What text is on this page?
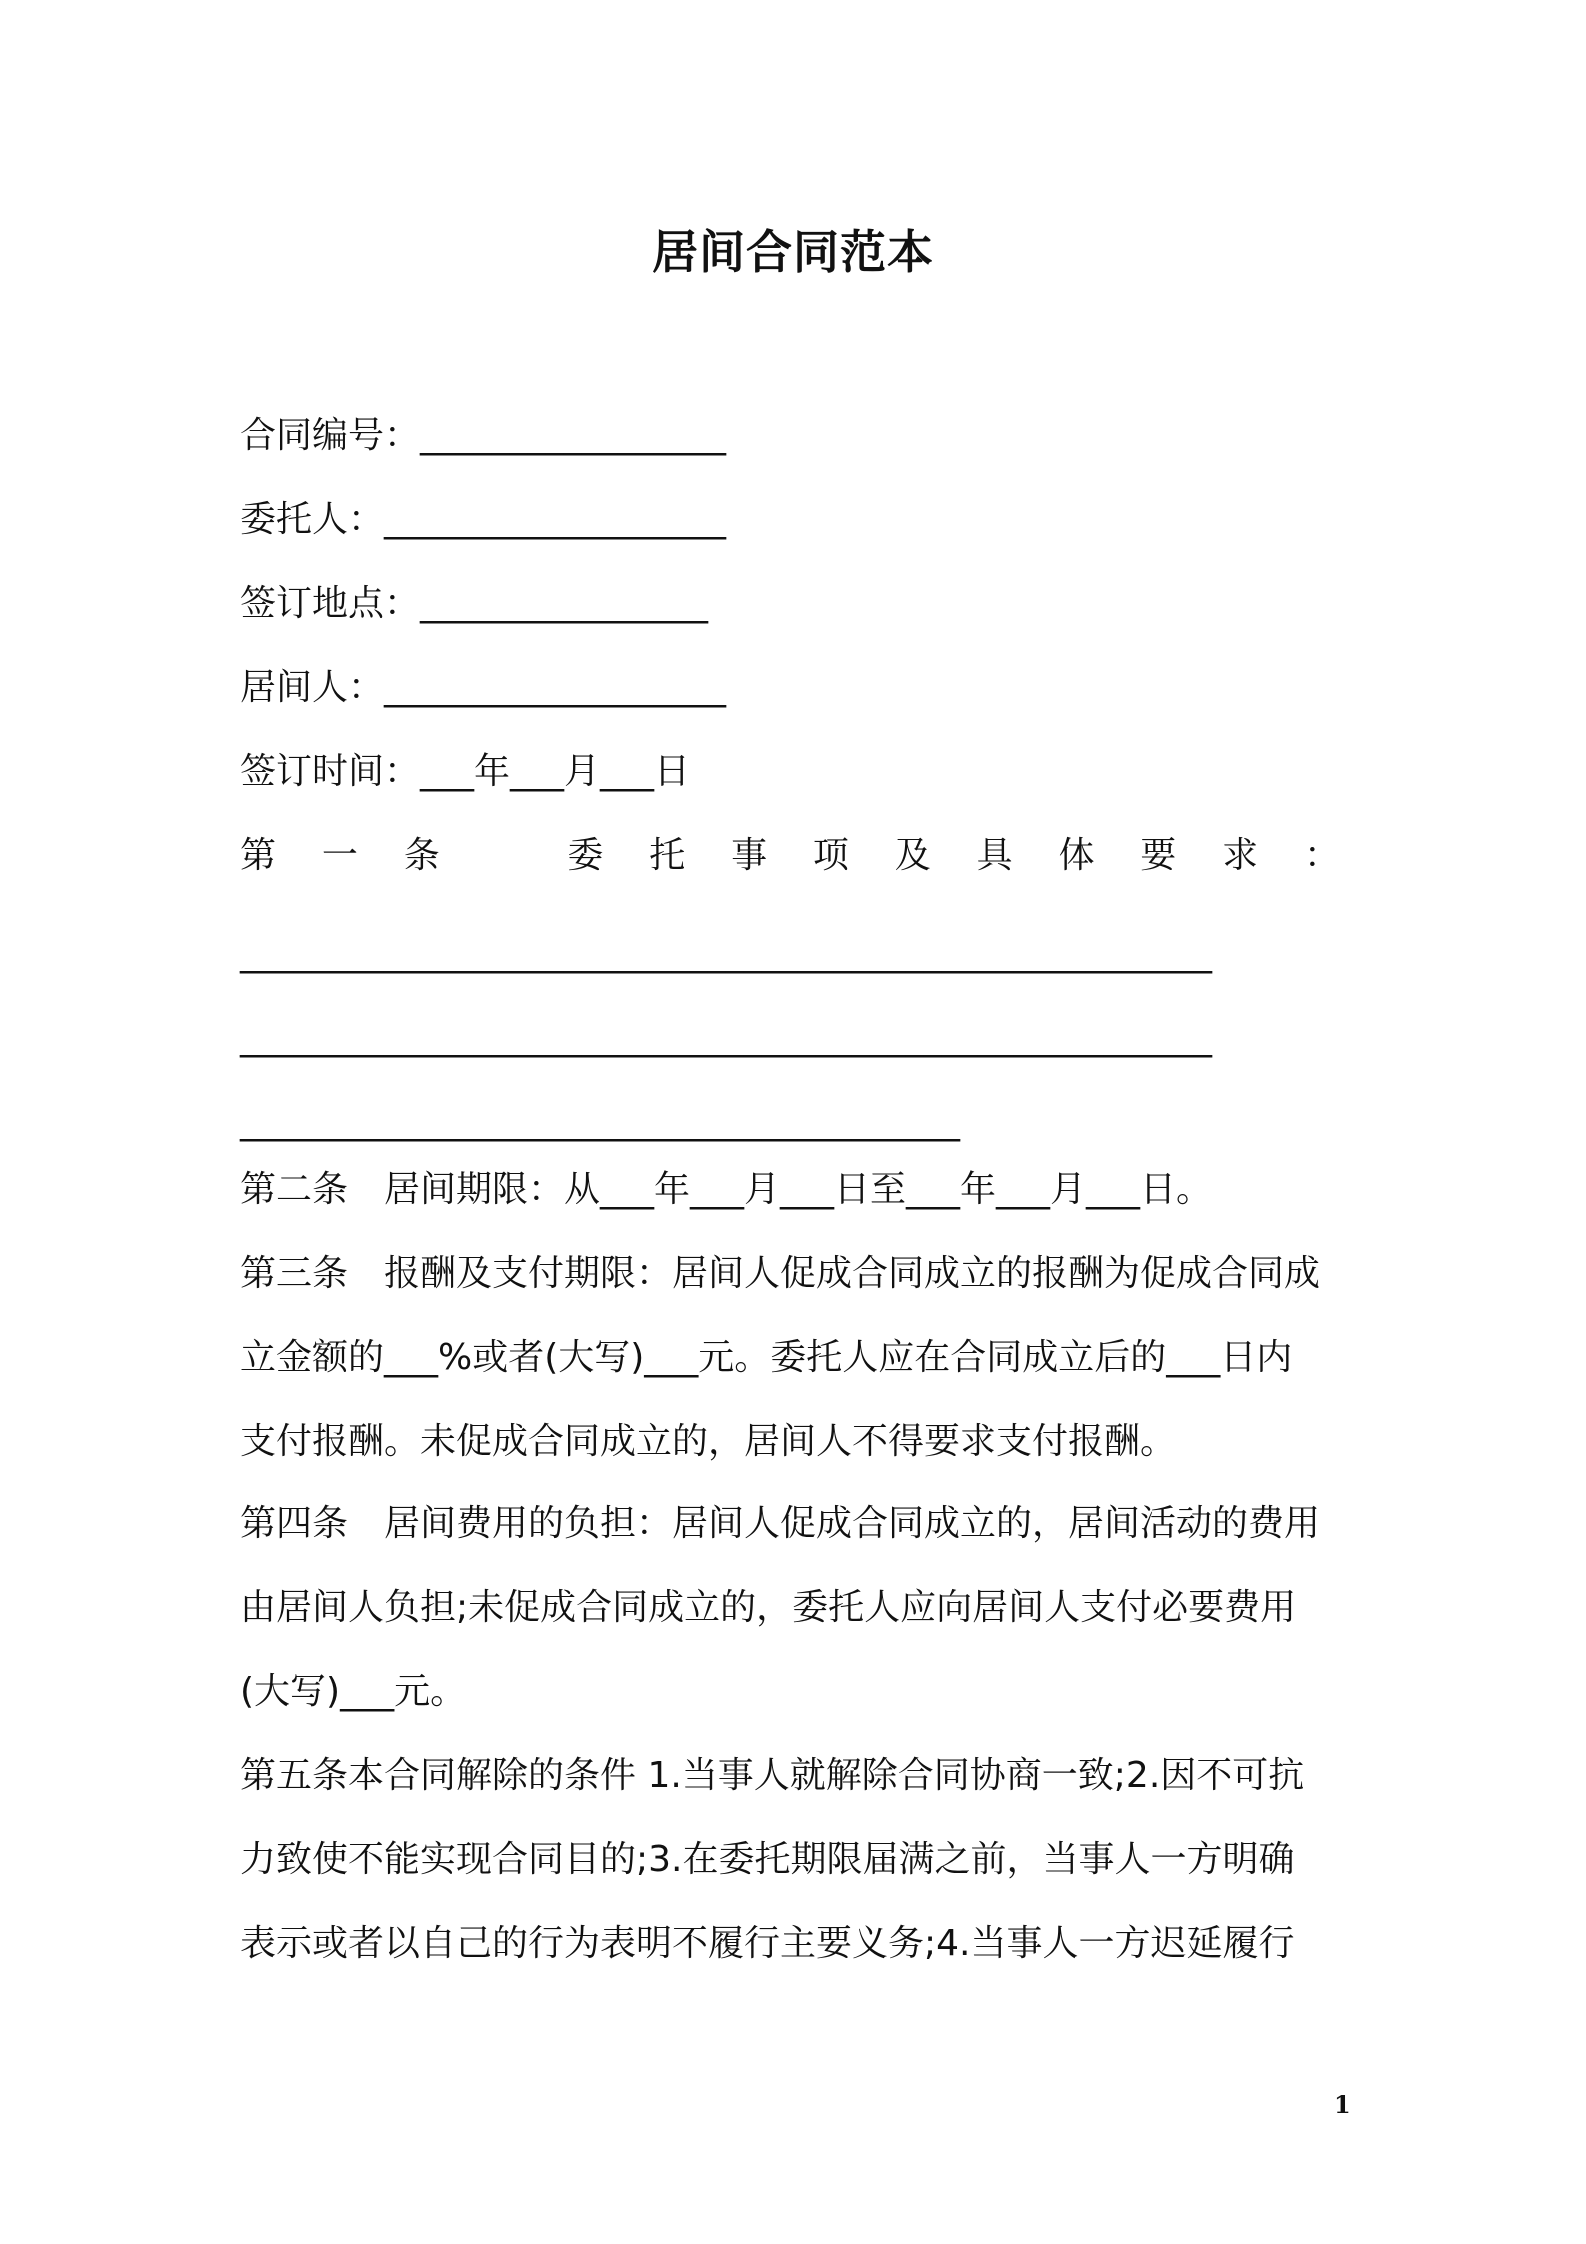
居间合同范本
合同编号：_________________
委托人：___________________
签订地点：________________
居间人：___________________
签订时间：___年___月___日
第一条　委托事项及具体要求：
______________________________________________________
______________________________________________________
________________________________________
第二条　居间期限：从___年___月___日至___年___月___日。
第三条　报酬及支付期限：居间人促成合同成立的报酬为促成合同成
立金额的___%或者(大写)___元。委托人应在合同成立后的___日内
支付报酬。未促成合同成立的，居间人不得要求支付报酬。
第四条　居间费用的负担：居间人促成合同成立的，居间活动的费用
由居间人负担;未促成合同成立的，委托人应向居间人支付必要费用
(大写)___元。
第五条本合同解除的条件 1.当事人就解除合同协商一致;2.因不可抗
力致使不能实现合同目的;3.在委托期限届满之前，当事人一方明确
表示或者以自己的行为表明不履行主要义务;4.当事人一方迟延履行
1
